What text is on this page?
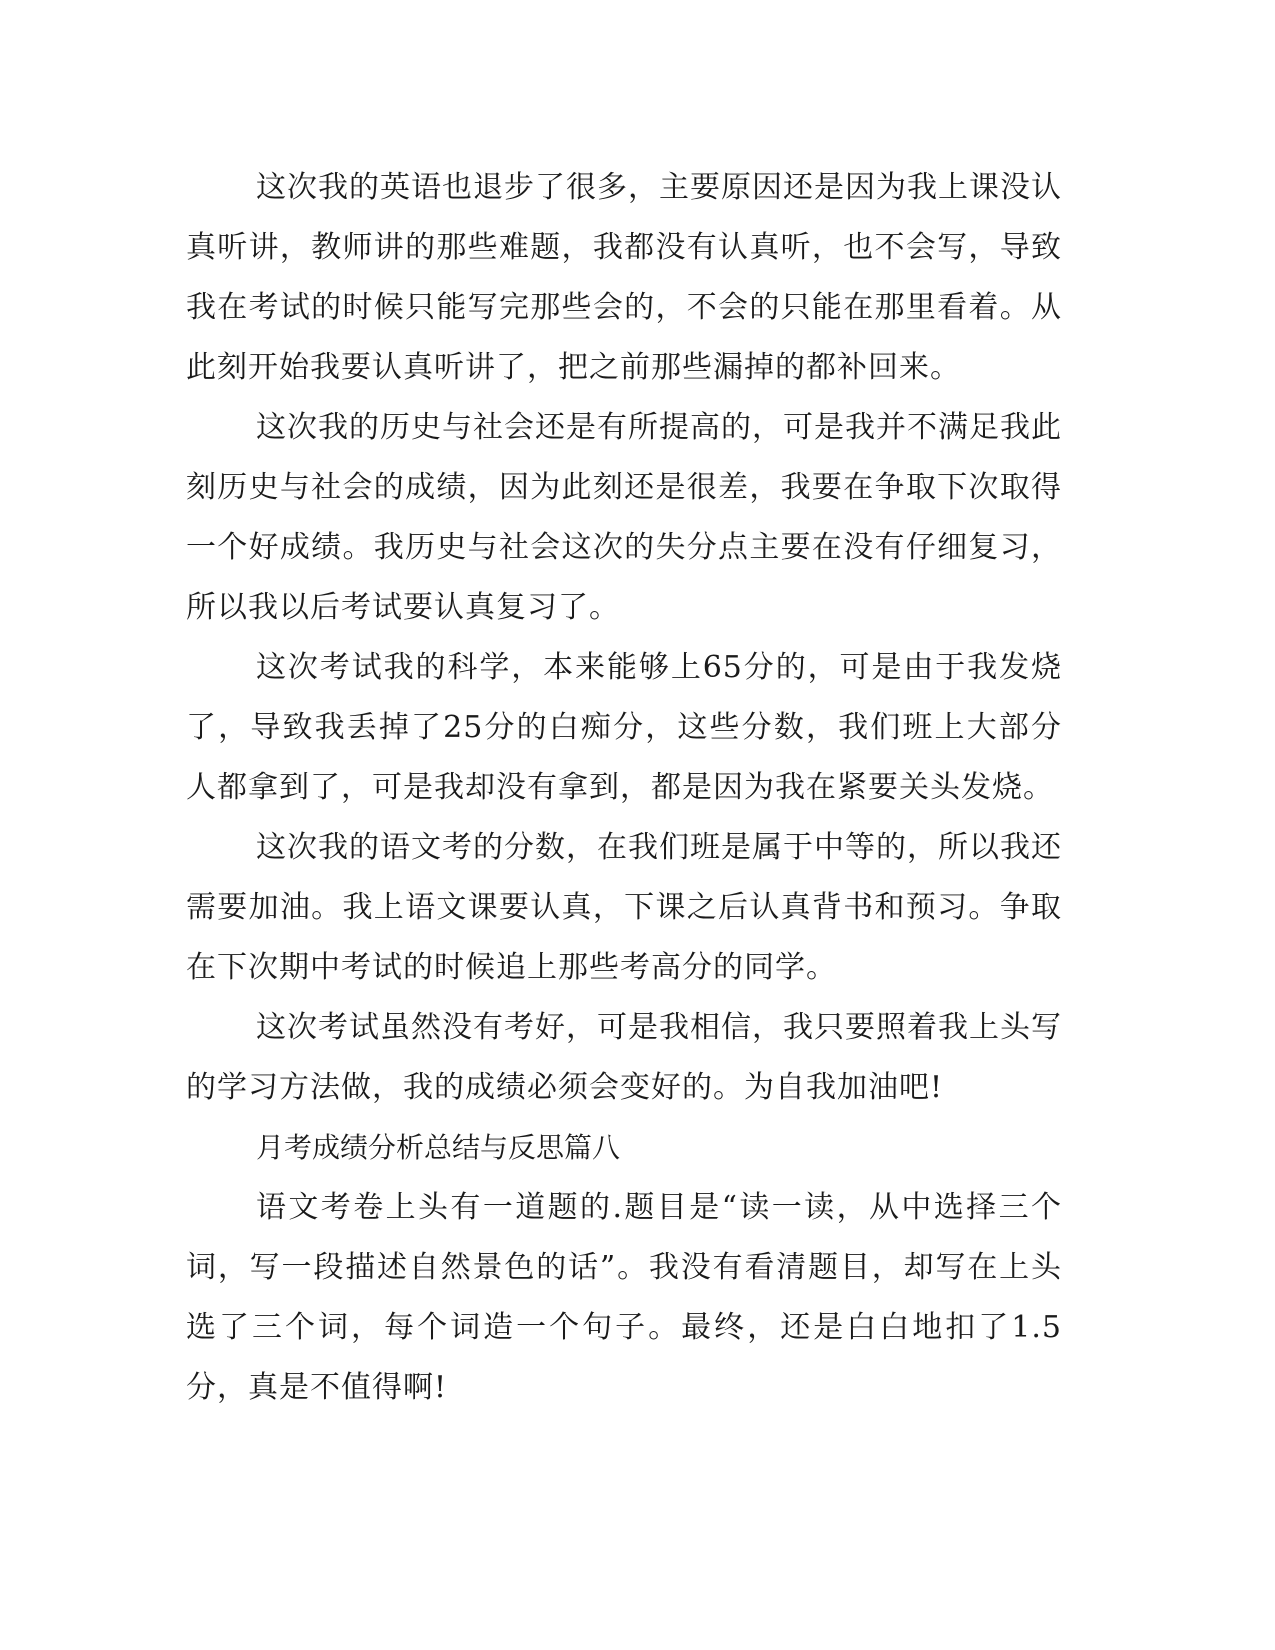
这次我的英语也退步了很多，主要原因还是因为我上课没认真听讲，教师讲的那些难题，我都没有认真听，也不会写，导致我在考试的时候只能写完那些会的，不会的只能在那里看着。从此刻开始我要认真听讲了，把之前那些漏掉的都补回来。

这次我的历史与社会还是有所提高的，可是我并不满足我此刻历史与社会的成绩，因为此刻还是很差，我要在争取下次取得一个好成绩。我历史与社会这次的失分点主要在没有仔细复习，所以我以后考试要认真复习了。

这次考试我的科学，本来能够上65分的，可是由于我发烧了，导致我丢掉了25分的白痴分，这些分数，我们班上大部分人都拿到了，可是我却没有拿到，都是因为我在紧要关头发烧。

这次我的语文考的分数，在我们班是属于中等的，所以我还需要加油。我上语文课要认真，下课之后认真背书和预习。争取在下次期中考试的时候追上那些考高分的同学。

这次考试虽然没有考好，可是我相信，我只要照着我上头写的学习方法做，我的成绩必须会变好的。为自我加油吧!

月考成绩分析总结与反思篇八

语文考卷上头有一道题的.题目是“读一读，从中选择三个词，写一段描述自然景色的话”。我没有看清题目，却写在上头选了三个词，每个词造一个句子。最终，还是白白地扣了1.5分，真是不值得啊!
